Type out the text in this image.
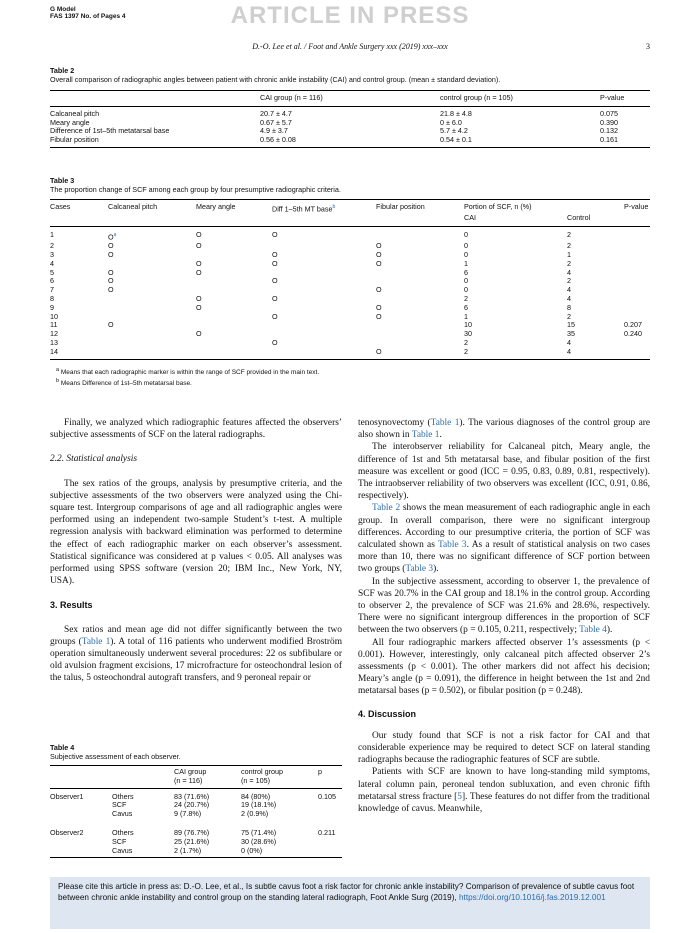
G Model
FAS 1397 No. of Pages 4	ARTICLE IN PRESS
D.-O. Lee et al. / Foot and Ankle Surgery xxx (2019) xxx–xxx	3
Table 2
Overall comparison of radiographic angles between patient with chronic ankle instability (CAI) and control group. (mean ± standard deviation).
	CAI group (n = 116)	control group (n = 105)	P-value
Calcaneal pitch	20.7 ± 4.7	21.8 ± 4.8	0.075
Meary angle	0.67 ± 5.7	0 ± 6.0	0.390
Difference of 1st–5th metatarsal base	4.9 ± 3.7	5.7 ± 4.2	0.132
Fibular position	0.56 ± 0.08	0.54 ± 0.1	0.161
Table 3
The proportion change of SCF among each group by four presumptive radiographic criteria.
Cases	Calcaneal pitch	Meary angle	Diff 1–5th MT base$^b$	Fibular position	Portion of SCF, n (%)	P-value
					CAI Control	
1	$O^a$	O	O		0	2	
2	O	O		O	0	2	
3	O		O	O	0	1	
4		O	O	O	1	2	
5	O	O			6	4	
6	O		O		0	2	
7	O			O	0	4	
8		O	O		2	4	
9		O		O	6	8	
10			O	O	1	2	
11	O				10	15	0.207
12		O			30	35	0.240
13			O		2	4	
14				O	2	4	
$^a$ Means that each radiographic marker is within the range of SCF provided in the main text.
$^b$ Means Difference of 1st–5th metatarsal base.

Finally, we analyzed which radiographic features affected the observers’ subjective assessments of SCF on the lateral radiographs.

2.2. Statistical analysis

The sex ratios of the groups, analysis by presumptive criteria, and the subjective assessments of the two observers were analyzed using the Chi-square test. Intergroup comparisons of age and all radiographic angles were performed using an independent two-sample Student’s t-test. A multiple regression analysis with backward elimination was performed to determine the effect of each radiographic marker on each observer’s assessment. Statistical significance was considered at p values < 0.05. All analyses was performed using SPSS software (version 20; IBM Inc., New York, NY, USA).

3. Results

Sex ratios and mean age did not differ significantly between the two groups (Table 1). A total of 116 patients who underwent modified Broström operation simultaneously underwent several procedures: 22 os subfibulare or old avulsion fragment excisions, 17 microfracture for osteochondral lesion of the talus, 5 osteochondral autograft transfers, and 9 peroneal repair or

Table 4
Subjective assessment of each observer.
		CAI group	control group	p
		(n = 116)	(n = 105)	
Observer1	Others	83 (71.6%)	84 (80%)	0.105
	SCF	24 (20.7%)	19 (18.1%)	
	Cavus	9 (7.8%)	2 (0.9%)	

Observer2	Others	89 (76.7%)	75 (71.4%)	0.211
	SCF	25 (21.6%)	30 (28.6%)	
	Cavus	2 (1.7%)	0 (0%)	

tenosynovectomy (Table 1). The various diagnoses of the control group are also shown in Table 1.

The interobserver reliability for Calcaneal pitch, Meary angle, the difference of 1st and 5th metatarsal base, and fibular position of the first measure was excellent or good (ICC = 0.95, 0.83, 0.89, 0.81, respectively). The intraobserver reliability of two observers was excellent (ICC, 0.91, 0.86, respectively).

Table 2 shows the mean measurement of each radiographic angle in each group. In overall comparison, there were no significant intergroup differences. According to our presumptive criteria, the portion of SCF was calculated shown as Table 3. As a result of statistical analysis on two cases more than 10, there was no significant difference of SCF portion between two groups (Table 3).

In the subjective assessment, according to observer 1, the prevalence of SCF was 20.7% in the CAI group and 18.1% in the control group. According to observer 2, the prevalence of SCF was 21.6% and 28.6%, respectively. There were no significant intergroup differences in the proportion of SCF between the two observers (p = 0.105, 0.211, respectively; Table 4).

All four radiographic markers affected observer 1’s assessments (p < 0.001). However, interestingly, only calcaneal pitch affected observer 2’s assessments (p < 0.001). The other markers did not affect his decision; Meary’s angle (p = 0.091), the difference in height between the 1st and 2nd metatarsal bases (p = 0.502), or fibular position (p = 0.248).

4. Discussion

Our study found that SCF is not a risk factor for CAI and that considerable experience may be required to detect SCF on lateral standing radiographs because the radiographic features of SCF are subtle.

Patients with SCF are known to have long-standing mild symptoms, lateral column pain, peroneal tendon subluxation, and even chronic fifth metatarsal stress fracture [5]. These features do not differ from the traditional knowledge of cavus. Meanwhile,

Please cite this article in press as: D.-O. Lee, et al., Is subtle cavus foot a risk factor for chronic ankle instability? Comparison of prevalence of subtle cavus foot between chronic ankle instability and control group on the standing lateral radiograph, Foot Ankle Surg (2019), https://doi.org/10.1016/j.fas.2019.12.001
